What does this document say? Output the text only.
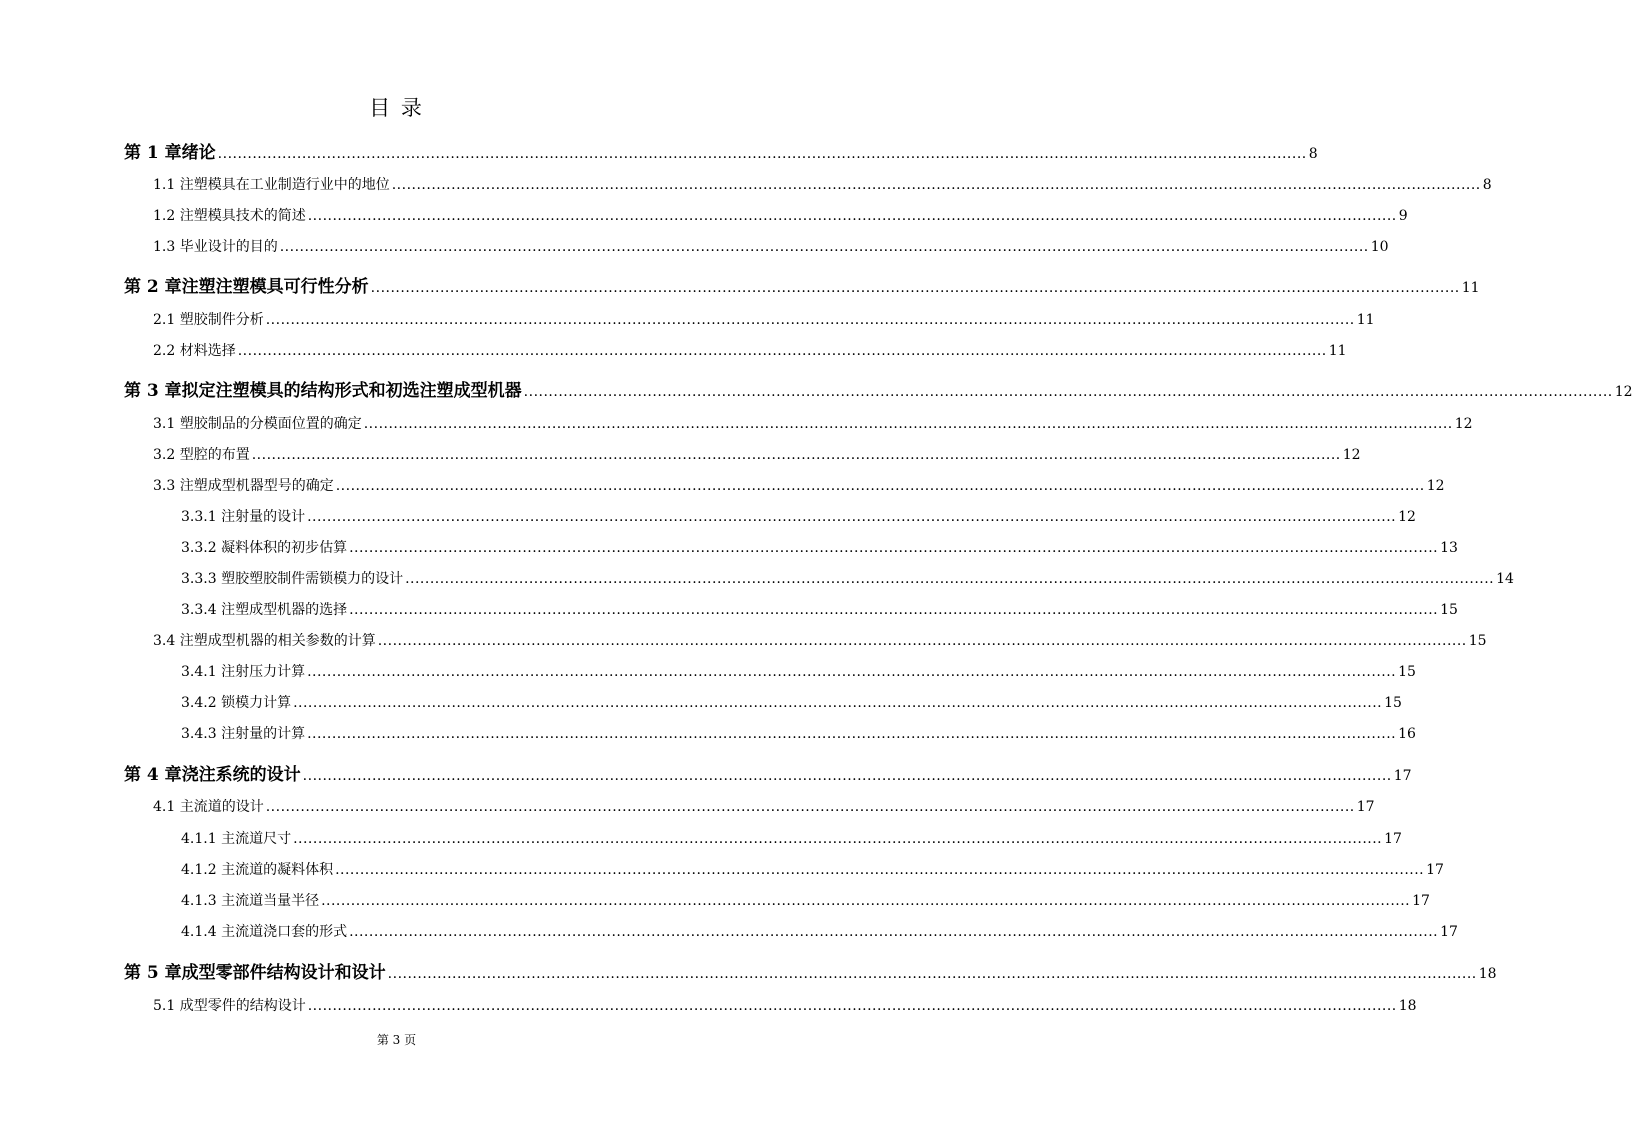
目 录
第 1 章绪论 ............................................................................................................................................................................................................................ 8
1.1 注塑模具在工业制造行业中的地位 ............................................................................................................................................................................................................................ 8
1.2 注塑模具技术的简述 ............................................................................................................................................................................................................................ 9
1.3 毕业设计的目的 ............................................................................................................................................................................................................................ 10
第 2 章注塑注塑模具可行性分析 ............................................................................................................................................................................................................................ 11
2.1 塑胶制件分析 ............................................................................................................................................................................................................................ 11
2.2 材料选择 ............................................................................................................................................................................................................................ 11
第 3 章拟定注塑模具的结构形式和初选注塑成型机器 ............................................................................................................................................................................................................................ 12
3.1 塑胶制品的分模面位置的确定 ............................................................................................................................................................................................................................ 12
3.2 型腔的布置 ............................................................................................................................................................................................................................ 12
3.3 注塑成型机器型号的确定 ............................................................................................................................................................................................................................ 12
3.3.1 注射量的设计 ............................................................................................................................................................................................................................ 12
3.3.2 凝料体积的初步估算 ............................................................................................................................................................................................................................ 13
3.3.3 塑胶塑胶制件需锁模力的设计 ............................................................................................................................................................................................................................ 14
3.3.4 注塑成型机器的选择 ............................................................................................................................................................................................................................ 15
3.4 注塑成型机器的相关参数的计算 ............................................................................................................................................................................................................................ 15
3.4.1 注射压力计算 ............................................................................................................................................................................................................................ 15
3.4.2 锁模力计算 ............................................................................................................................................................................................................................ 15
3.4.3 注射量的计算 ............................................................................................................................................................................................................................ 16
第 4 章浇注系统的设计 ............................................................................................................................................................................................................................ 17
4.1 主流道的设计 ............................................................................................................................................................................................................................ 17
4.1.1 主流道尺寸 ............................................................................................................................................................................................................................ 17
4.1.2 主流道的凝料体积 ............................................................................................................................................................................................................................ 17
4.1.3 主流道当量半径 ............................................................................................................................................................................................................................ 17
4.1.4 主流道浇口套的形式 ............................................................................................................................................................................................................................ 17
第 5 章成型零部件结构设计和设计 ............................................................................................................................................................................................................................ 18
5.1 成型零件的结构设计 ............................................................................................................................................................................................................................ 18
第 3 页
